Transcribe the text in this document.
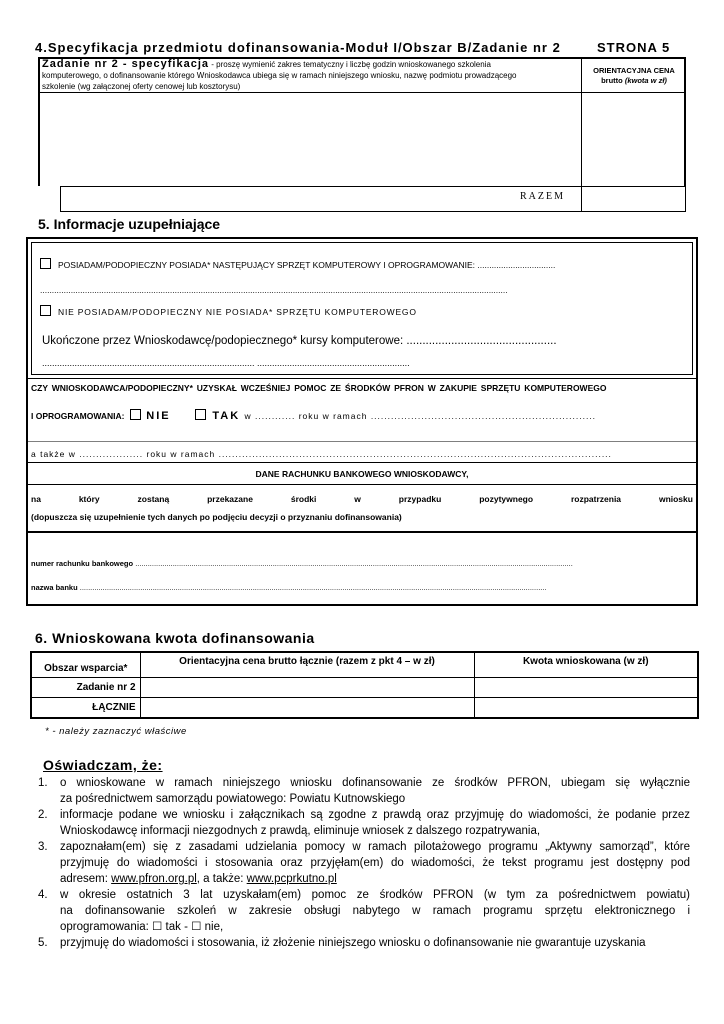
4.Specyfikacja przedmiotu dofinansowania-Moduł I/Obszar B/Zadanie nr 2	STRONA 5
Zadanie nr 2 - specyfikacja - proszę wymienić zakres tematyczny i liczbę godzin wnioskowanego szkolenia
komputerowego, o dofinansowanie którego Wnioskodawca ubiega się w ramach niniejszego wniosku, nazwę podmiotu prowadzącego
szkolenie (wg załączonej oferty cenowej lub kosztorysu)
ORIENTACYJNA CENA
brutto (kwota w zł)
RAZEM
5. Informacje uzupełniające
POSIADAM/PODOPIECZNY POSIADA* NASTĘPUJĄCY SPRZĘT KOMPUTEROWY I OPROGRAMOWANIE: .................................
......................................................................................................................................................................................................
NIE POSIADAM/PODOPIECZNY NIE POSIADA* SPRZĘTU KOMPUTEROWEGO
Ukończone przez Wnioskodawcę/podopiecznego* kursy komputerowe: ...............................................
..................................................................................... .............................................................
CZY WNIOSKODAWCA/PODOPIECZNY* UZYSKAŁ WCZEŚNIEJ POMOC ZE ŚRODKÓW PFRON W ZAKUPIE SPRZĘTU KOMPUTEROWEGO
I OPROGRAMOWANIA: NIE	TAK w ............ roku w ramach ...................................................................
a także w ................... roku w ramach .....................................................................................................................
DANE RACHUNKU BANKOWEGO WNIOSKODAWCY,
na	który	zostaną	przekazane	środki	w	przypadku	pozytywnego	rozpatrzenia	wniosku
(dopuszcza się uzupełnienie tych danych po podjęciu decyzji o przyznaniu dofinansowania)
numer rachunku bankowego ..................................................................................................................................................................................................................
nazwa banku ................................................................................................................................................................................................................................
6. Wnioskowana kwota dofinansowania
Obszar wsparcia*	Orientacyjna cena brutto łącznie (razem z pkt 4 – w zł)	Kwota wnioskowana (w zł)
Zadanie nr 2		
ŁĄCZNIE		
* - należy zaznaczyć właściwe
Oświadczam, że:
1. o wnioskowane w ramach niniejszego wniosku dofinansowanie ze środków PFRON, ubiegam się wyłącznie
za pośrednictwem samorządu powiatowego: Powiatu Kutnowskiego
2. informacje podane we wniosku i załącznikach są zgodne z prawdą oraz przyjmuję do wiadomości, że podanie przez
Wnioskodawcę informacji niezgodnych z prawdą, eliminuje wniosek z dalszego rozpatrywania,
3. zapoznałam(em) się z zasadami udzielania pomocy w ramach pilotażowego programu „Aktywny samorząd”, które
przyjmuję do wiadomości i stosowania oraz przyjęłam(em) do wiadomości, że tekst programu jest dostępny pod
adresem: www.pfron.org.pl, a także: www.pcprkutno.pl
4. w okresie ostatnich 3 lat uzyskałam(em) pomoc ze środków PFRON (w tym za pośrednictwem powiatu)
na dofinansowanie szkoleń w zakresie obsługi nabytego w ramach programu sprzętu elektronicznego i
oprogramowania: ☐ tak - ☐ nie,
5. przyjmuję do wiadomości i stosowania, iż złożenie niniejszego wniosku o dofinansowanie nie gwarantuje uzyskania
